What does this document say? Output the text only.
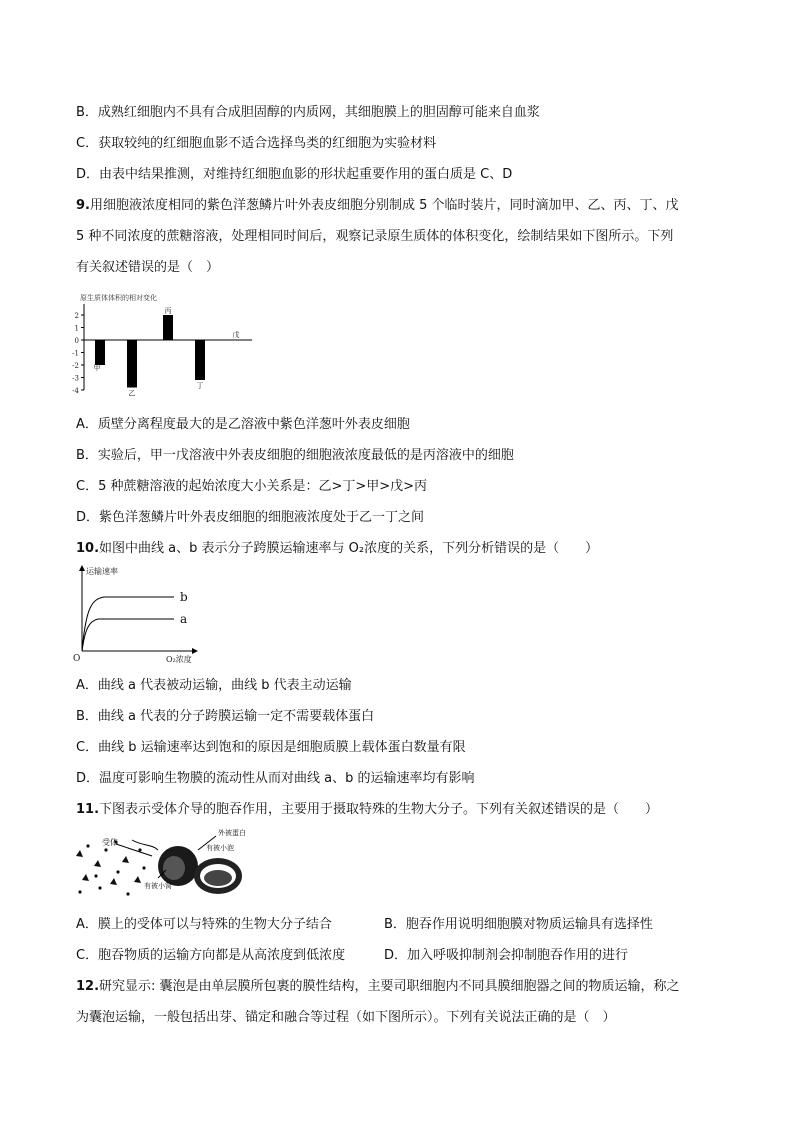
B．成熟红细胞内不具有合成胆固醇的内质网，其细胞膜上的胆固醇可能来自血浆
C．获取较纯的红细胞血影不适合选择鸟类的红细胞为实验材料
D．由表中结果推测，对维持红细胞血影的形状起重要作用的蛋白质是 C、D
9.用细胞液浓度相同的紫色洋葱鳞片叶外表皮细胞分别制成 5 个临时装片，同时滴加甲、乙、丙、丁、戊
5 种不同浓度的蔗糖溶液，处理相同时间后，观察记录原生质体的体积变化，绘制结果如下图所示。下列
有关叙述错误的是（　）
原生质体体积的相对变化
2
1
0
-1
-2
-3
-4
甲
乙
丙
丁
戊
A．质壁分离程度最大的是乙溶液中紫色洋葱叶外表皮细胞
B．实验后，甲一戊溶液中外表皮细胞的细胞液浓度最低的是丙溶液中的细胞
C．5 种蔗糖溶液的起始浓度大小关系是：乙>丁>甲>戊>丙
D．紫色洋葱鳞片叶外表皮细胞的细胞液浓度处于乙一丁之间
10.如图中曲线 a、b 表示分子跨膜运输速率与 O₂浓度的关系，下列分析错误的是（　　）
运输速率
O₂浓度
O
b
a
A．曲线 a 代表被动运输，曲线 b 代表主动运输
B．曲线 a 代表的分子跨膜运输一定不需要载体蛋白
C．曲线 b 运输速率达到饱和的原因是细胞质膜上载体蛋白数量有限
D．温度可影响生物膜的流动性从而对曲线 a、b 的运输速率均有影响
11.下图表示受体介导的胞吞作用，主要用于摄取特殊的生物大分子。下列有关叙述错误的是（　　）
受体
外被蛋白
有被小泡
有被小窝
A．膜上的受体可以与特殊的生物大分子结合	B．胞吞作用说明细胞膜对物质运输具有选择性
C．胞吞物质的运输方向都是从高浓度到低浓度	D．加入呼吸抑制剂会抑制胞吞作用的进行
12.研究显示: 囊泡是由单层膜所包裹的膜性结构，主要司职细胞内不同具膜细胞器之间的物质运输，称之
为囊泡运输，一般包括出芽、锚定和融合等过程（如下图所示）。下列有关说法正确的是（　）
